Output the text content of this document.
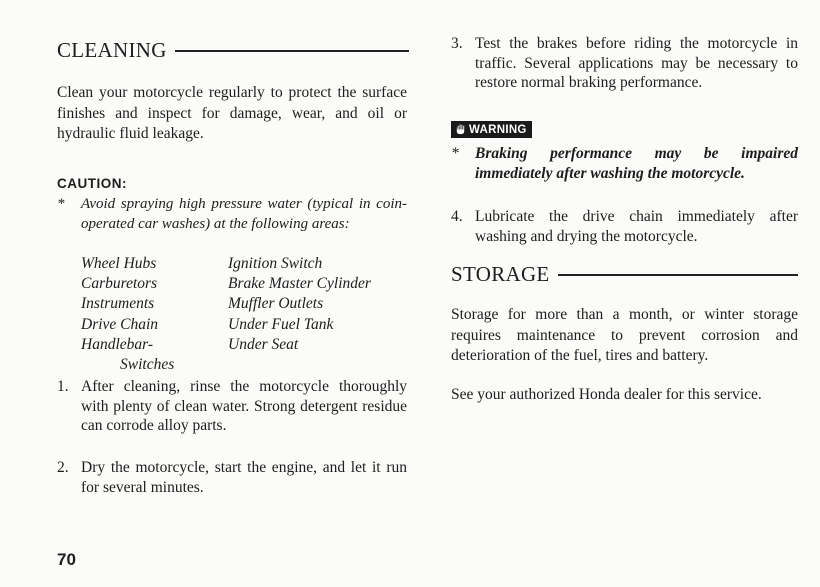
CLEANING
Clean your motorcycle regularly to protect the surface finishes and inspect for damage, wear, and oil or hydraulic fluid leakage.
CAUTION:
*	Avoid spraying high pressure water (typical in coin-operated car washes) at the following areas:
Wheel Hubs
Carburetors
Instruments
Drive Chain
Handlebar-
Switches
Ignition Switch
Brake Master Cylinder
Muffler Outlets
Under Fuel Tank
Under Seat
1. After cleaning, rinse the motorcycle thoroughly with plenty of clean water. Strong detergent residue can corrode alloy parts.
2. Dry the motorcycle, start the engine, and let it run for several minutes.
70
3. Test the brakes before riding the motorcycle in traffic. Several applications may be necessary to restore normal braking performance.
WARNING
*	Braking performance may be impaired immediately after washing the motorcycle.
4. Lubricate the drive chain immediately after washing and drying the motorcycle.
STORAGE
Storage for more than a month, or winter storage requires maintenance to prevent corrosion and deterioration of the fuel, tires and battery.
See your authorized Honda dealer for this service.
